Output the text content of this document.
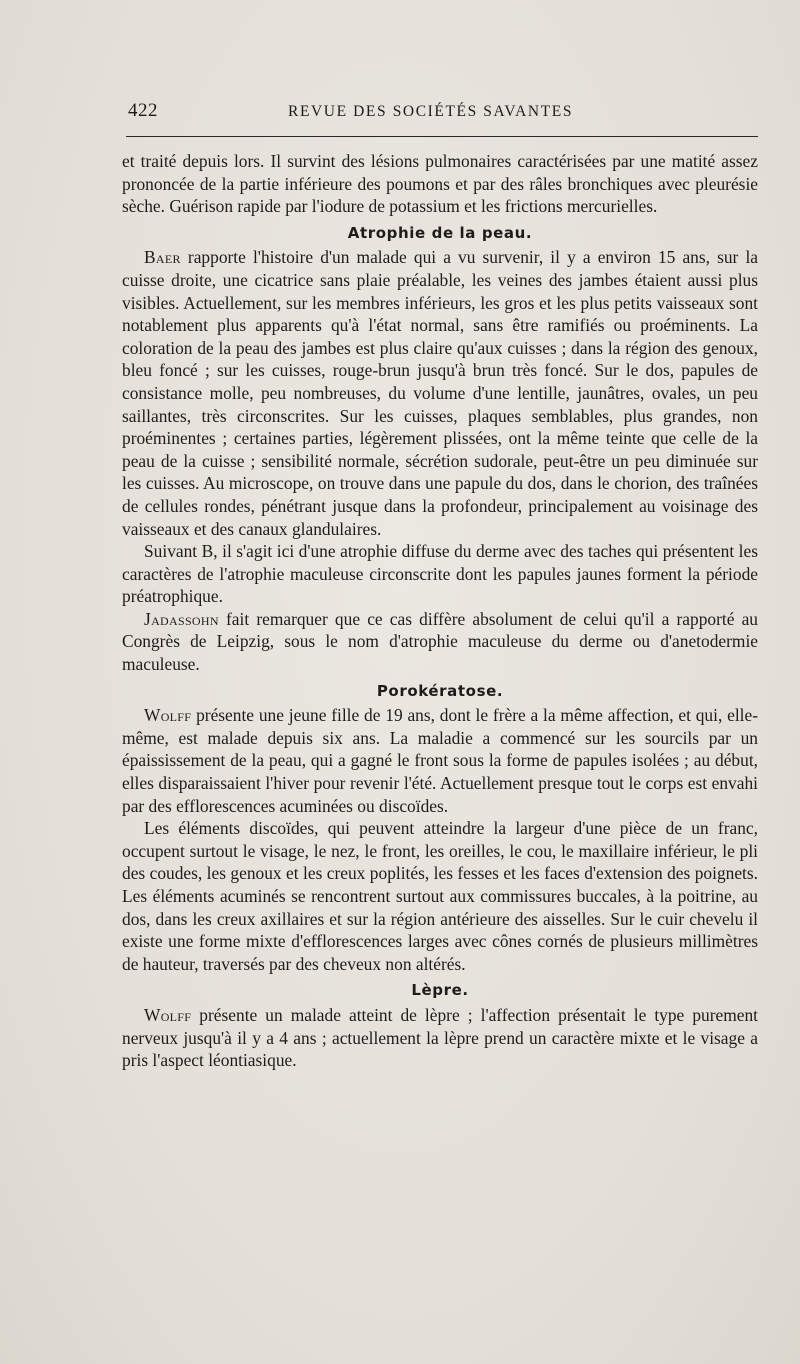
422	REVUE DES SOCIÉTÉS SAVANTES

et traité depuis lors. Il survint des lésions pulmonaires caractérisées par une matité assez prononcée de la partie inférieure des poumons et par des râles bronchiques avec pleurésie sèche. Guérison rapide par l'iodure de potassium et les frictions mercurielles.

Atrophie de la peau.

Baer rapporte l'histoire d'un malade qui a vu survenir, il y a environ 15 ans, sur la cuisse droite, une cicatrice sans plaie préalable, les veines des jambes étaient aussi plus visibles. Actuellement, sur les membres inférieurs, les gros et les plus petits vaisseaux sont notablement plus apparents qu'à l'état normal, sans être ramifiés ou proéminents. La coloration de la peau des jambes est plus claire qu'aux cuisses ; dans la région des genoux, bleu foncé ; sur les cuisses, rouge-brun jusqu'à brun très foncé. Sur le dos, papules de consistance molle, peu nombreuses, du volume d'une lentille, jaunâtres, ovales, un peu saillantes, très circonscrites. Sur les cuisses, plaques semblables, plus grandes, non proéminentes ; certaines parties, légèrement plissées, ont la même teinte que celle de la peau de la cuisse ; sensibilité normale, sécrétion sudorale, peut-être un peu diminuée sur les cuisses. Au microscope, on trouve dans une papule du dos, dans le chorion, des traînées de cellules rondes, pénétrant jusque dans la profondeur, principalement au voisinage des vaisseaux et des canaux glandulaires.

Suivant B, il s'agit ici d'une atrophie diffuse du derme avec des taches qui présentent les caractères de l'atrophie maculeuse circonscrite dont les papules jaunes forment la période préatrophique.

Jadassohn fait remarquer que ce cas diffère absolument de celui qu'il a rapporté au Congrès de Leipzig, sous le nom d'atrophie maculeuse du derme ou d'anetodermie maculeuse.

Porokératose.

Wolff présente une jeune fille de 19 ans, dont le frère a la même affection, et qui, elle-même, est malade depuis six ans. La maladie a commencé sur les sourcils par un épaississement de la peau, qui a gagné le front sous la forme de papules isolées ; au début, elles disparaissaient l'hiver pour revenir l'été. Actuellement presque tout le corps est envahi par des efflorescences acuminées ou discoïdes.

Les éléments discoïdes, qui peuvent atteindre la largeur d'une pièce de un franc, occupent surtout le visage, le nez, le front, les oreilles, le cou, le maxillaire inférieur, le pli des coudes, les genoux et les creux poplités, les fesses et les faces d'extension des poignets. Les éléments acuminés se rencontrent surtout aux commissures buccales, à la poitrine, au dos, dans les creux axillaires et sur la région antérieure des aisselles. Sur le cuir chevelu il existe une forme mixte d'efflorescences larges avec cônes cornés de plusieurs millimètres de hauteur, traversés par des cheveux non altérés.

Lèpre.

Wolff présente un malade atteint de lèpre ; l'affection présentait le type purement nerveux jusqu'à il y a 4 ans ; actuellement la lèpre prend un caractère mixte et le visage a pris l'aspect léontiasique.
